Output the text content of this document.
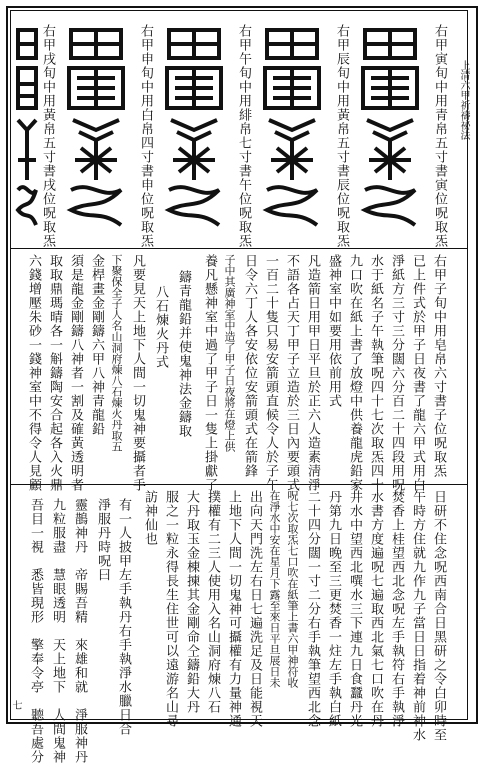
右甲寅旬中用青帛五寸書寅位呪取炁
右甲辰旬中用黃帛五寸書辰位呪取炁
右甲午旬中用緋帛七寸書午位呪取炁
右甲申旬中用白帛四寸書申位呪取炁
右甲戌旬中用黃帛五寸書戌位呪取炁	上清六甲祈禱祕法
右甲子旬中用皂帛六寸書子位呪取炁
已上件式於甲子日夜書了龍六甲式用白
淨紙方三寸三分闊六分百二十四段用呪
水于紙名子午執筆呪四十七次取炁四十
九口吹在紙上書了放燈中供養龍虎鉛家
盛神室中如要用依前用式
凡造箭日用甲日平旦於正六人造素淸淨
不語各占天丁甲子立造於三日內要頭式
一百二十隻只易安箭頭直候令人於子午
日令六丁人各安依位安箭頭式在箭鋒
子中其廣神室中造了甲子日夜將在燈上供
養凡懸神室中過了甲子日一隻上掛獻了
鑄青龍鉛并使鬼神法金鑄取
八石煉火丹式
凡要見天上地下人間一切鬼神要攝者手
下聚保全子人名山洞府煉八石煉火丹取五
金桿畫金剛鑄六甲八神青龍鉛
須是龍金剛鑄八神者一割及確黃透明者
取取鼎瑪晴各一斛鑄陶安合起各入火鼎
六錢增壓朱砂一錢神室中不得令人見顧
日研不住念呪西南合日黑研之令白卯時至
午時方住就九作九子當日日指着神前神水
焚香上桂望西北念呪左手執符右手執淨
水書方度遍呪七遍取西北氣七口吹在丹
井水中望西北噀水三下連九日食蠶丹光
丹第九日晚至三更焚香一炷左手執白紙
二十四分闊一寸二分右手執筆望西北念
呪七次取炁七口吹在紙筆上書六甲神符收
在淨水中安在星月下露至來日平旦展日未
出向天門洗左右日七遍洗足及日能視天
上地下人間一切鬼神可攝權有力量神通
撲權有二三人使用入名山洞府煉八石
大丹取玉金棟揀其金剛命仝鑄鉛大丹
服之一粒永得長生住世可以遠游名山尋
訪神仙也
有一人披甲左手執丹右手執淨水臘日合
淨服丹時呪曰
靈鵲神丹　帝賜吾精　來雄和就　淨服神丹
九粒服盡　慧眼透明　天上地下　人間鬼神
吾目一視　悉皆現形　擎奉令亭　聽吾處分
七
